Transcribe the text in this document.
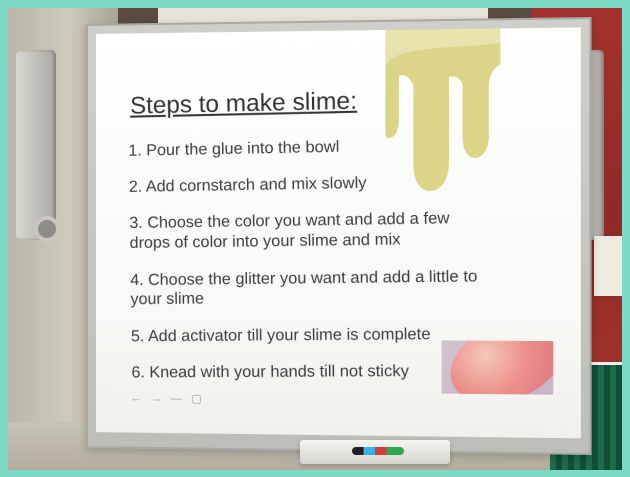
Steps to make slime:
1. Pour the glue into the bowl
2. Add cornstarch and mix slowly
3. Choose the color you want and add a few drops of color into your slime and mix
4. Choose the glitter you want and add a little to your slime
5. Add activator till your slime is complete
6. Knead with your hands till not sticky
← → — ▢
